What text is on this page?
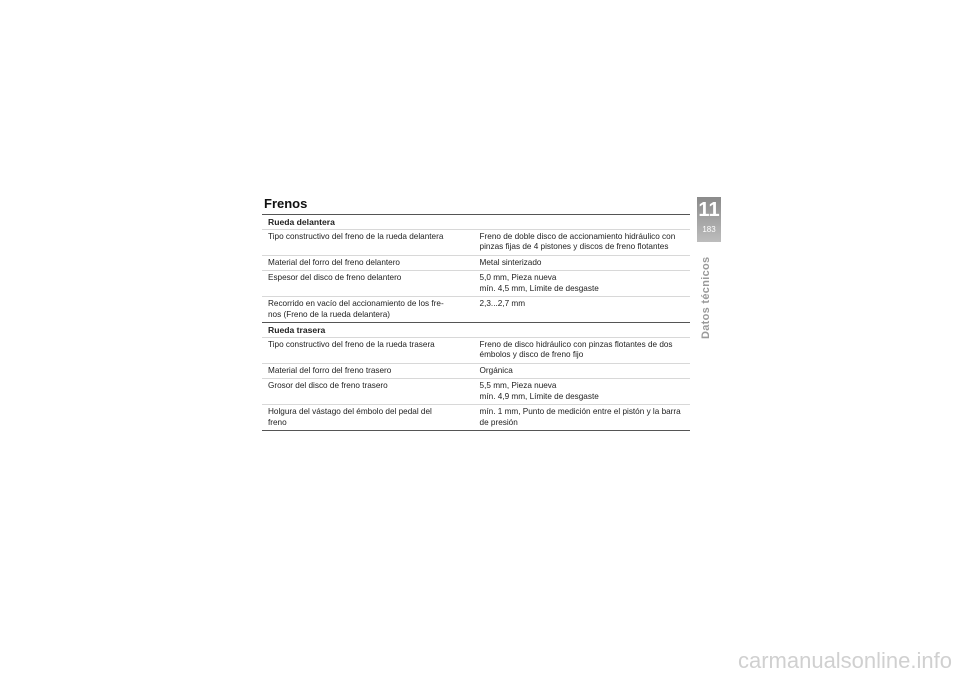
Frenos
Rueda delantera	
Tipo constructivo del freno de la rueda delantera	Freno de doble disco de accionamiento hidráulico con pinzas fijas de 4 pistones y discos de freno flotantes
Material del forro del freno delantero	Metal sinterizado
Espesor del disco de freno delantero	5,0 mm, Pieza nueva
mín. 4,5 mm, Límite de desgaste
Recorrido en vacío del accionamiento de los fre-
nos (Freno de la rueda delantera)	2,3...2,7 mm
Rueda trasera	
Tipo constructivo del freno de la rueda trasera	Freno de disco hidráulico con pinzas flotantes de dos émbolos y disco de freno fijo
Material del forro del freno trasero	Orgánica
Grosor del disco de freno trasero	5,5 mm, Pieza nueva
mín. 4,9 mm, Límite de desgaste
Holgura del vástago del émbolo del pedal del
freno	mín. 1 mm, Punto de medición entre el pistón y la barra de presión
11
183
Datos técnicos
carmanualsonline.info
